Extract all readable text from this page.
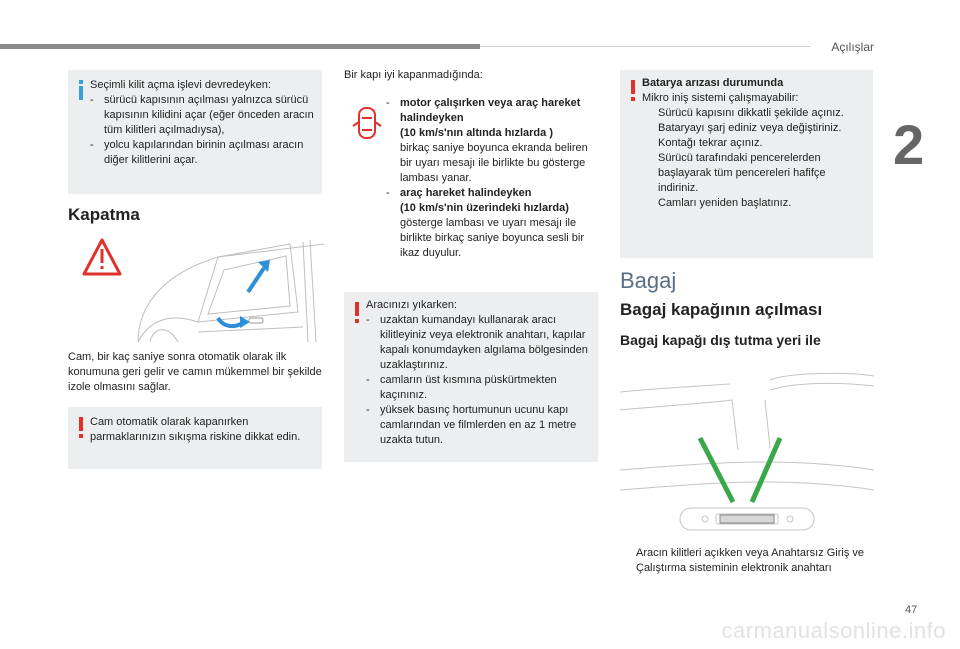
Açılışlar
2
47
carmanualsonline.info
Seçimli kilit açma işlevi devredeyken:
- sürücü kapısının açılması yalnızca sürücü kapısının kilidini açar (eğer önceden aracın tüm kilitleri açılmadıysa),
- yolcu kapılarından birinin açılması aracın diğer kilitlerini açar.
Kapatma
Cam, bir kaç saniye sonra otomatik olarak ilk konumuna geri gelir ve camın mükemmel bir şekilde izole olmasını sağlar.
Cam otomatik olarak kapanırken parmaklarınızın sıkışma riskine dikkat edin.
Bir kapı iyi kapanmadığında:
- motor çalışırken veya araç hareket halindeyken
(10 km/s'nın altında hızlarda )
birkaç saniye boyunca ekranda beliren bir uyarı mesajı ile birlikte bu gösterge lambası yanar.
- araç hareket halindeyken
(10 km/s'nin üzerindeki hızlarda)
gösterge lambası ve uyarı mesajı ile birlikte birkaç saniye boyunca sesli bir ikaz duyulur.
Aracınızı yıkarken:
- uzaktan kumandayı kullanarak aracı kilitleyiniz veya elektronik anahtarı, kapılar kapalı konumdayken algılama bölgesinden uzaklaştırınız.
- camların üst kısmına püskürtmekten kaçınınız.
- yüksek basınç hortumunun ucunu kapı camlarından ve filmlerden en az 1 metre uzakta tutun.
Batarya arızası durumunda
Mikro iniş sistemi çalışmayabilir:
Sürücü kapısını dikkatli şekilde açınız.
Bataryayı şarj ediniz veya değiştiriniz.
Kontağı tekrar açınız.
Sürücü tarafındaki pencerelerden başlayarak tüm pencereleri hafifçe indiriniz.
Camları yeniden başlatınız.
Bagaj
Bagaj kapağının açılması
Bagaj kapağı dış tutma yeri ile
Aracın kilitleri açıkken veya Anahtarsız Giriş ve Çalıştırma sisteminin elektronik anahtarı
